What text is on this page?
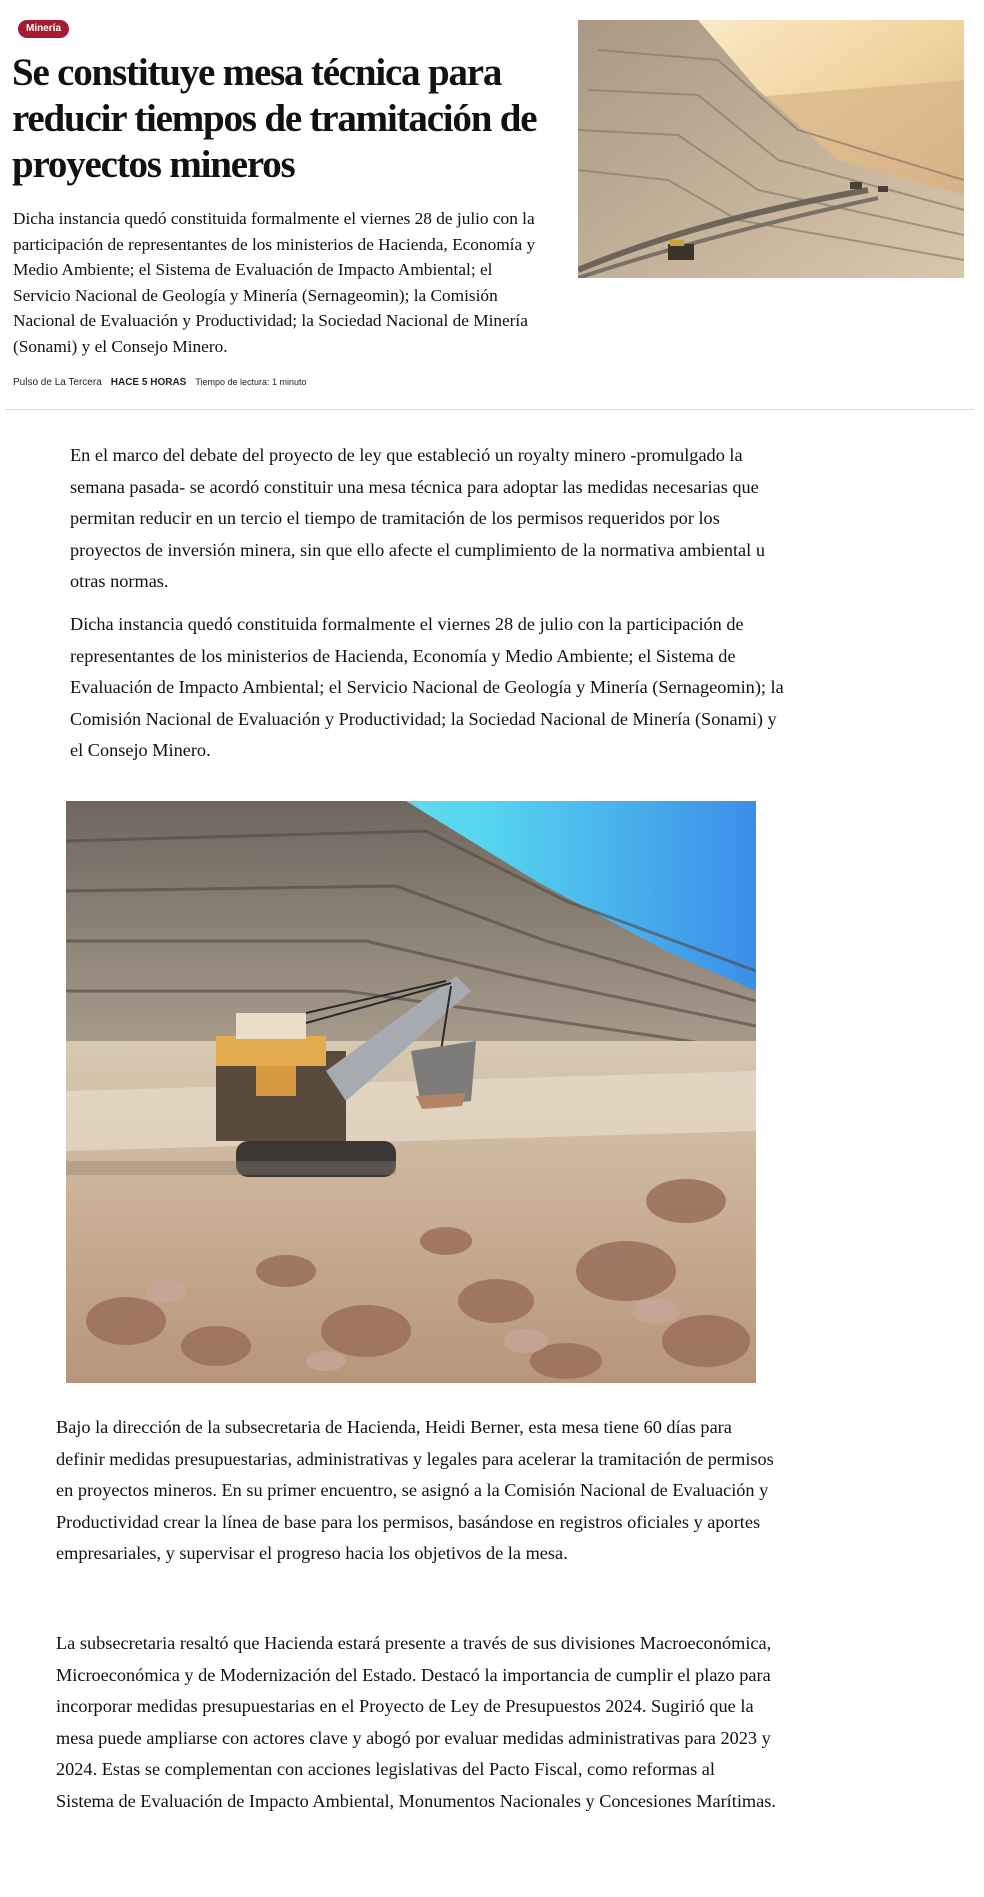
Minería
Se constituye mesa técnica para reducir tiempos de tramitación de proyectos mineros

Dicha instancia quedó constituida formalmente el viernes 28 de julio con la participación de representantes de los ministerios de Hacienda, Economía y Medio Ambiente; el Sistema de Evaluación de Impacto Ambiental; el Servicio Nacional de Geología y Minería (Sernageomin); la Comisión Nacional de Evaluación y Productividad; la Sociedad Nacional de Minería (Sonami) y el Consejo Minero.

Pulso de La Tercera HACE 5 HORAS Tiempo de lectura: 1 minuto

En el marco del debate del proyecto de ley que estableció un royalty minero -promulgado la semana pasada- se acordó constituir una mesa técnica para adoptar las medidas necesarias que permitan reducir en un tercio el tiempo de tramitación de los permisos requeridos por los proyectos de inversión minera, sin que ello afecte el cumplimiento de la normativa ambiental u otras normas.

Dicha instancia quedó constituida formalmente el viernes 28 de julio con la participación de representantes de los ministerios de Hacienda, Economía y Medio Ambiente; el Sistema de Evaluación de Impacto Ambiental; el Servicio Nacional de Geología y Minería (Sernageomin); la Comisión Nacional de Evaluación y Productividad; la Sociedad Nacional de Minería (Sonami) y el Consejo Minero.

Bajo la dirección de la subsecretaria de Hacienda, Heidi Berner, esta mesa tiene 60 días para definir medidas presupuestarias, administrativas y legales para acelerar la tramitación de permisos en proyectos mineros. En su primer encuentro, se asignó a la Comisión Nacional de Evaluación y Productividad crear la línea de base para los permisos, basándose en registros oficiales y aportes empresariales, y supervisar el progreso hacia los objetivos de la mesa.

La subsecretaria resaltó que Hacienda estará presente a través de sus divisiones Macroeconómica, Microeconómica y de Modernización del Estado. Destacó la importancia de cumplir el plazo para incorporar medidas presupuestarias en el Proyecto de Ley de Presupuestos 2024. Sugirió que la mesa puede ampliarse con actores clave y abogó por evaluar medidas administrativas para 2023 y 2024. Estas se complementan con acciones legislativas del Pacto Fiscal, como reformas al Sistema de Evaluación de Impacto Ambiental, Monumentos Nacionales y Concesiones Marítimas.
